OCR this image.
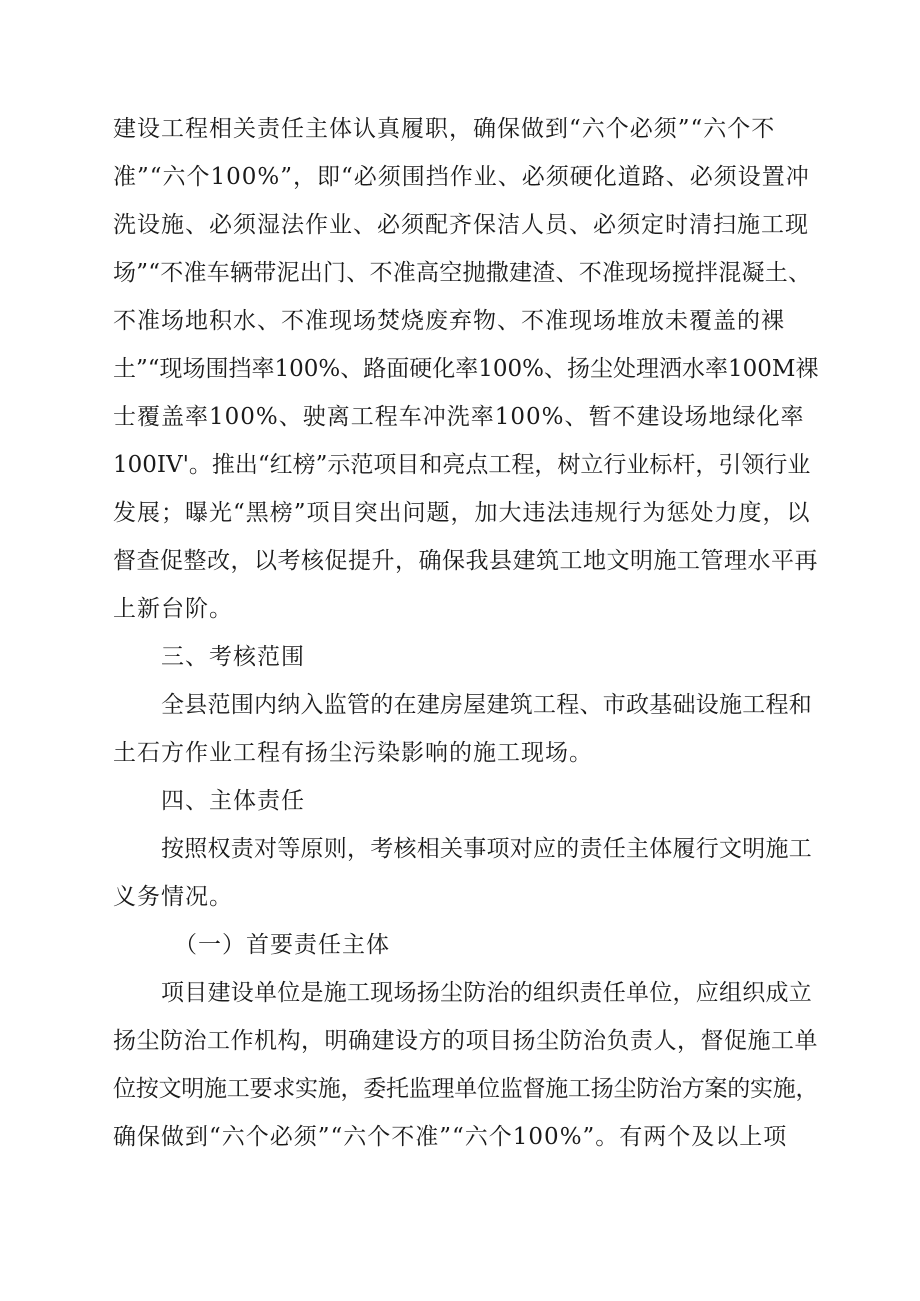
建设工程相关责任主体认真履职，确保做到“六个必须”“六个不
准”“六个100%”，即“必须围挡作业、必须硬化道路、必须设置冲
洗设施、必须湿法作业、必须配齐保洁人员、必须定时清扫施工现
场”“不准车辆带泥出门、不准高空抛撒建渣、不准现场搅拌混凝土、
不准场地积水、不准现场焚烧废弃物、不准现场堆放未覆盖的裸
土”“现场围挡率100%、路面硬化率100%、扬尘处理洒水率100M裸
士覆盖率100%、驶离工程车冲洗率100%、暂不建设场地绿化率
100ΙV'。推出“红榜”示范项目和亮点工程，树立行业标杆，引领行业
发展；曝光“黑榜”项目突出问题，加大违法违规行为惩处力度，以
督查促整改，以考核促提升，确保我县建筑工地文明施工管理水平再
上新台阶。
三、考核范围
全县范围内纳入监管的在建房屋建筑工程、市政基础设施工程和
土石方作业工程有扬尘污染影响的施工现场。
四、主体责任
按照权责对等原则，考核相关事项对应的责任主体履行文明施工
义务情况。
（一）首要责任主体
项目建设单位是施工现场扬尘防治的组织责任单位，应组织成立
扬尘防治工作机构，明确建设方的项目扬尘防治负责人，督促施工单
位按文明施工要求实施，委托监理单位监督施工扬尘防治方案的实施，
确保做到“六个必须”“六个不准”“六个100%”。有两个及以上项
